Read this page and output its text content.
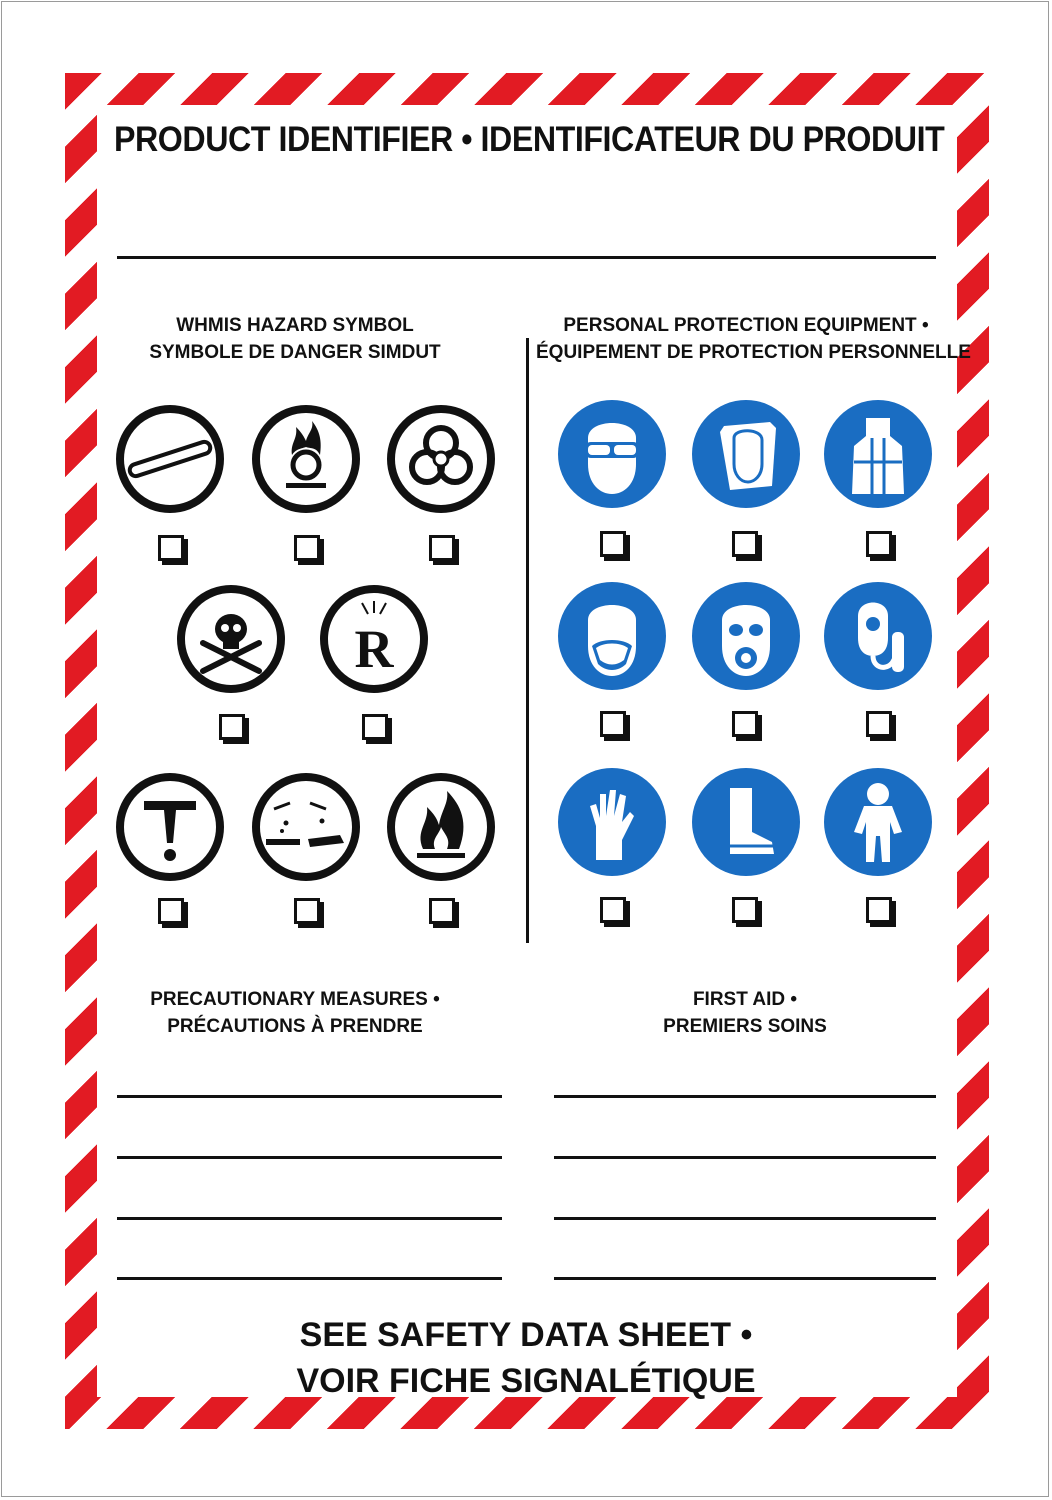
PRODUCT IDENTIFIER • IDENTIFICATEUR DU PRODUIT
WHMIS HAZARD SYMBOL
SYMBOLE DE DANGER SIMDUT
PERSONAL PROTECTION EQUIPMENT •
ÉQUIPEMENT DE PROTECTION PERSONNELLE
R
PRECAUTIONARY MEASURES •
PRÉCAUTIONS À PRENDRE
FIRST AID •
PREMIERS SOINS
SEE SAFETY DATA SHEET •
VOIR FICHE SIGNALÉTIQUE
